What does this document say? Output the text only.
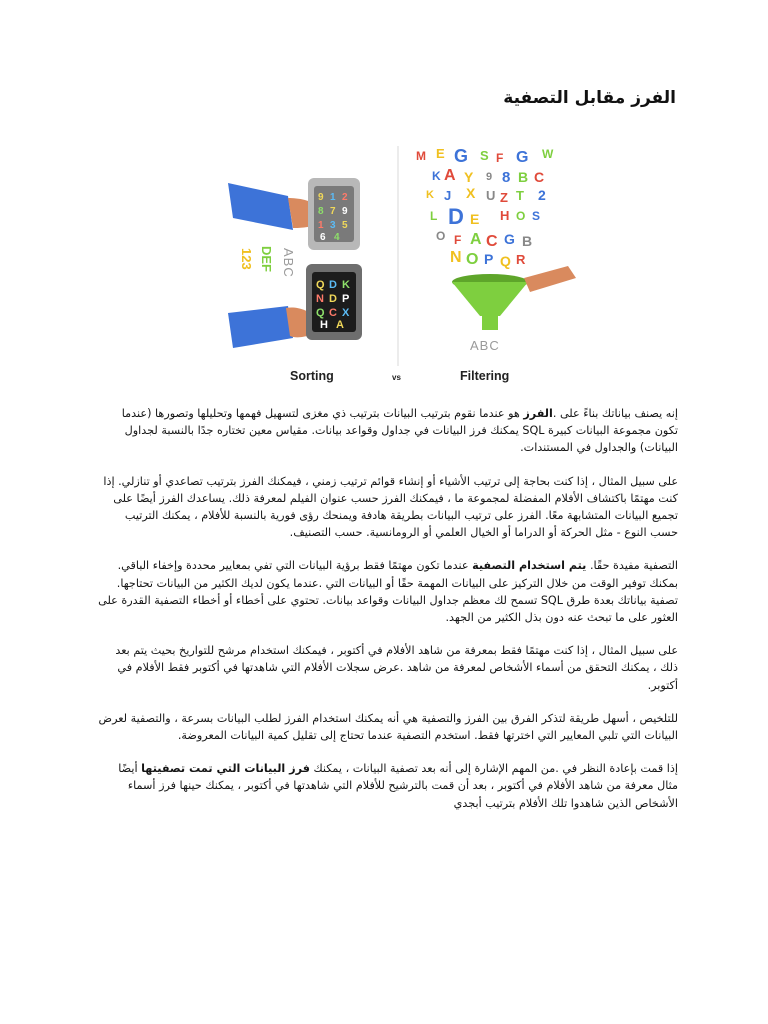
الفرز مقابل التصفية
9 1 2
8 7 9
1 3 5
6 4
Q D K
N D P
Q C X
H A
ABC
DEF
123
Sorting	vs
M E G S F G W
K A Y 9 8 B C
K J X U Z T 2
L D E H O S
O F A C G B
N O P Q R
ABC
Filtering

إنه يصنف بياناتك بناءً على .الفرز هو عندما نقوم بترتيب البيانات بترتيب ذي مغزى لتسهيل فهمها وتحليلها وتصورها (عندما تكون مجموعة البيانات كبيرة SQL يمكنك فرز البيانات في جداول وقواعد بيانات. مقياس معين تختاره جدًا بالنسبة لجداول البيانات) والجداول في المستندات.

على سبيل المثال ، إذا كنت بحاجة إلى ترتيب الأشياء أو إنشاء قوائم ترتيب زمني ، فيمكنك الفرز بترتيب تصاعدي أو تنازلي. إذا كنت مهتمًا باكتشاف الأفلام المفضلة لمجموعة ما ، فيمكنك الفرز حسب عنوان الفيلم لمعرفة ذلك. يساعدك الفرز أيضًا على تجميع البيانات المتشابهة معًا. الفرز على ترتيب البيانات بطريقة هادفة ويمنحك رؤى فورية بالنسبة للأفلام ، يمكنك الترتيب حسب النوع - مثل الحركة أو الدراما أو الخيال العلمي أو الرومانسية. حسب التصنيف.

التصفية مفيدة حقًا. يتم استخدام التصفية عندما تكون مهتمًا فقط برؤية البيانات التي تفي بمعايير محددة وإخفاء الباقي. بمكنك توفير الوقت من خلال التركيز على البيانات المهمة حقًا أو البيانات التي .عندما يكون لديك الكثير من البيانات تحتاجها. تصفية بياناتك بعدة طرق SQL تسمح لك معظم جداول البيانات وقواعد بيانات. تحتوي على أخطاء أو أخطاء التصفية القدرة على العثور على ما تبحث عنه دون بذل الكثير من الجهد.

على سبيل المثال ، إذا كنت مهتمًا فقط بمعرفة من شاهد الأفلام في أكتوبر ، فيمكنك استخدام مرشح للتواريخ بحيث يتم بعد ذلك ، يمكنك التحقق من أسماء الأشخاص لمعرفة من شاهد .عرض سجلات الأفلام التي شاهدتها في أكتوبر فقط الأفلام في أكتوبر.

للتلخيص ، أسهل طريقة لتذكر الفرق بين الفرز والتصفية هي أنه يمكنك استخدام الفرز لطلب البيانات بسرعة ، والتصفية لعرض البيانات التي تلبي المعايير التي اخترتها فقط. استخدم التصفية عندما تحتاج إلى تقليل كمية البيانات المعروضة.

إذا قمت بإعادة النظر في .من المهم الإشارة إلى أنه بعد تصفية البيانات ، يمكنك فرز البيانات التي تمت تصفيتها أيضًا مثال معرفة من شاهد الأفلام في أكتوبر ، بعد أن قمت بالترشيح للأفلام التي شاهدتها في أكتوبر ، يمكنك حينها فرز أسماء الأشخاص الذين شاهدوا تلك الأفلام بترتيب أبجدي
